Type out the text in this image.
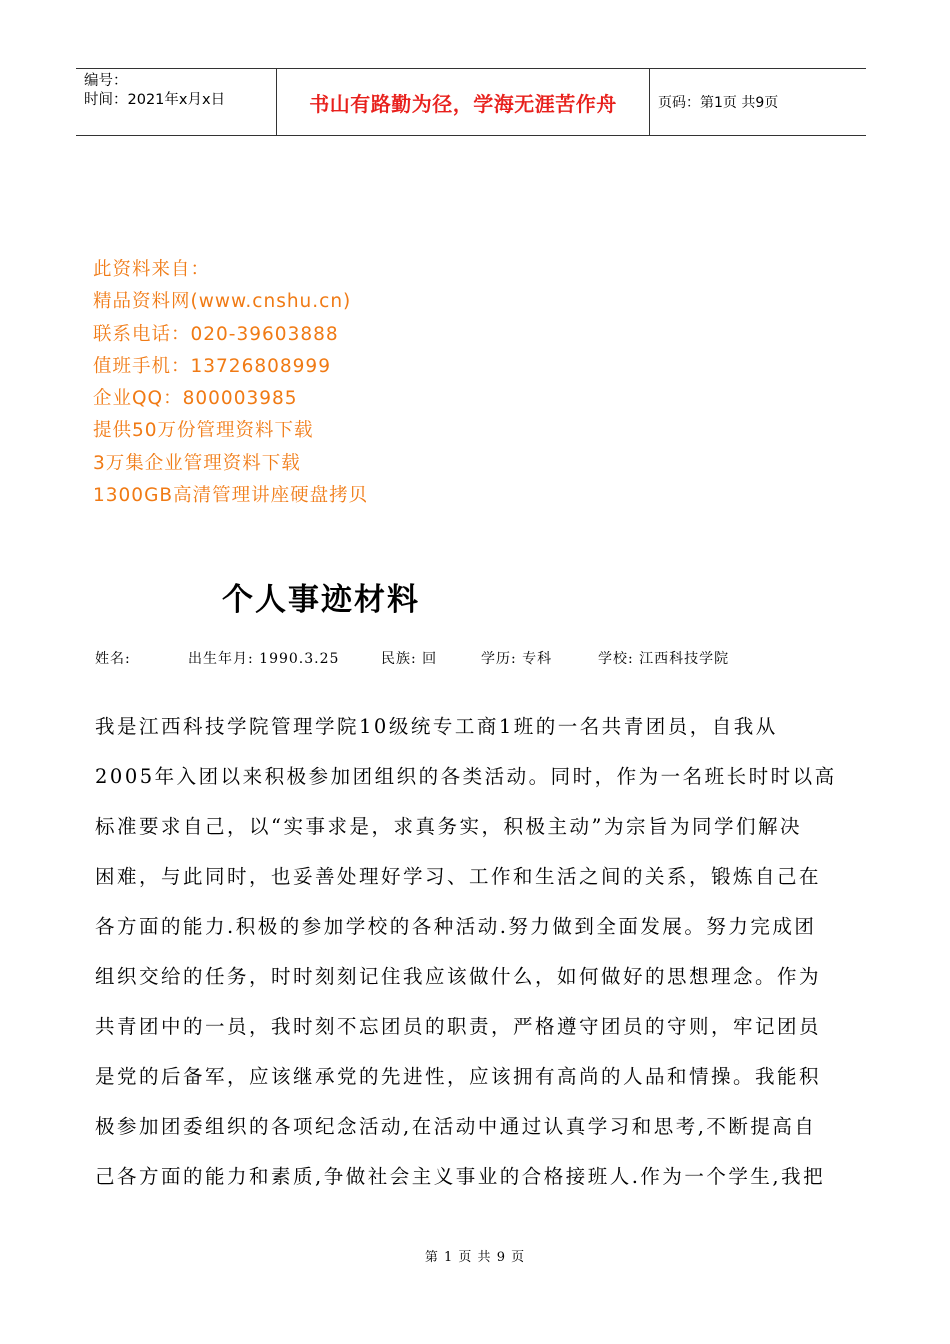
编号：
时间：2021年x月x日	书山有路勤为径，学海无涯苦作舟	页码：第1页 共9页
此资料来自：
精品资料网(www.cnshu.cn)
联系电话：020-39603888
值班手机：13726808999
企业QQ：800003985
提供50万份管理资料下载
3万集企业管理资料下载
1300GB高清管理讲座硬盘拷贝
个人事迹材料
姓名:	出生年月: 1990.3.25	民族: 回	学历: 专科	学校: 江西科技学院
我是江西科技学院管理学院10级统专工商1班的一名共青团员，自我从
2005年入团以来积极参加团组织的各类活动。同时，作为一名班长时时以高
标准要求自己，以“实事求是，求真务实，积极主动”为宗旨为同学们解决
困难，与此同时，也妥善处理好学习、工作和生活之间的关系，锻炼自己在
各方面的能力.积极的参加学校的各种活动.努力做到全面发展。努力完成团
组织交给的任务，时时刻刻记住我应该做什么，如何做好的思想理念。作为
共青团中的一员，我时刻不忘团员的职责，严格遵守团员的守则，牢记团员
是党的后备军，应该继承党的先进性，应该拥有高尚的人品和情操。我能积
极参加团委组织的各项纪念活动,在活动中通过认真学习和思考,不断提高自
己各方面的能力和素质,争做社会主义事业的合格接班人.作为一个学生,我把
第 1 页 共 9 页
